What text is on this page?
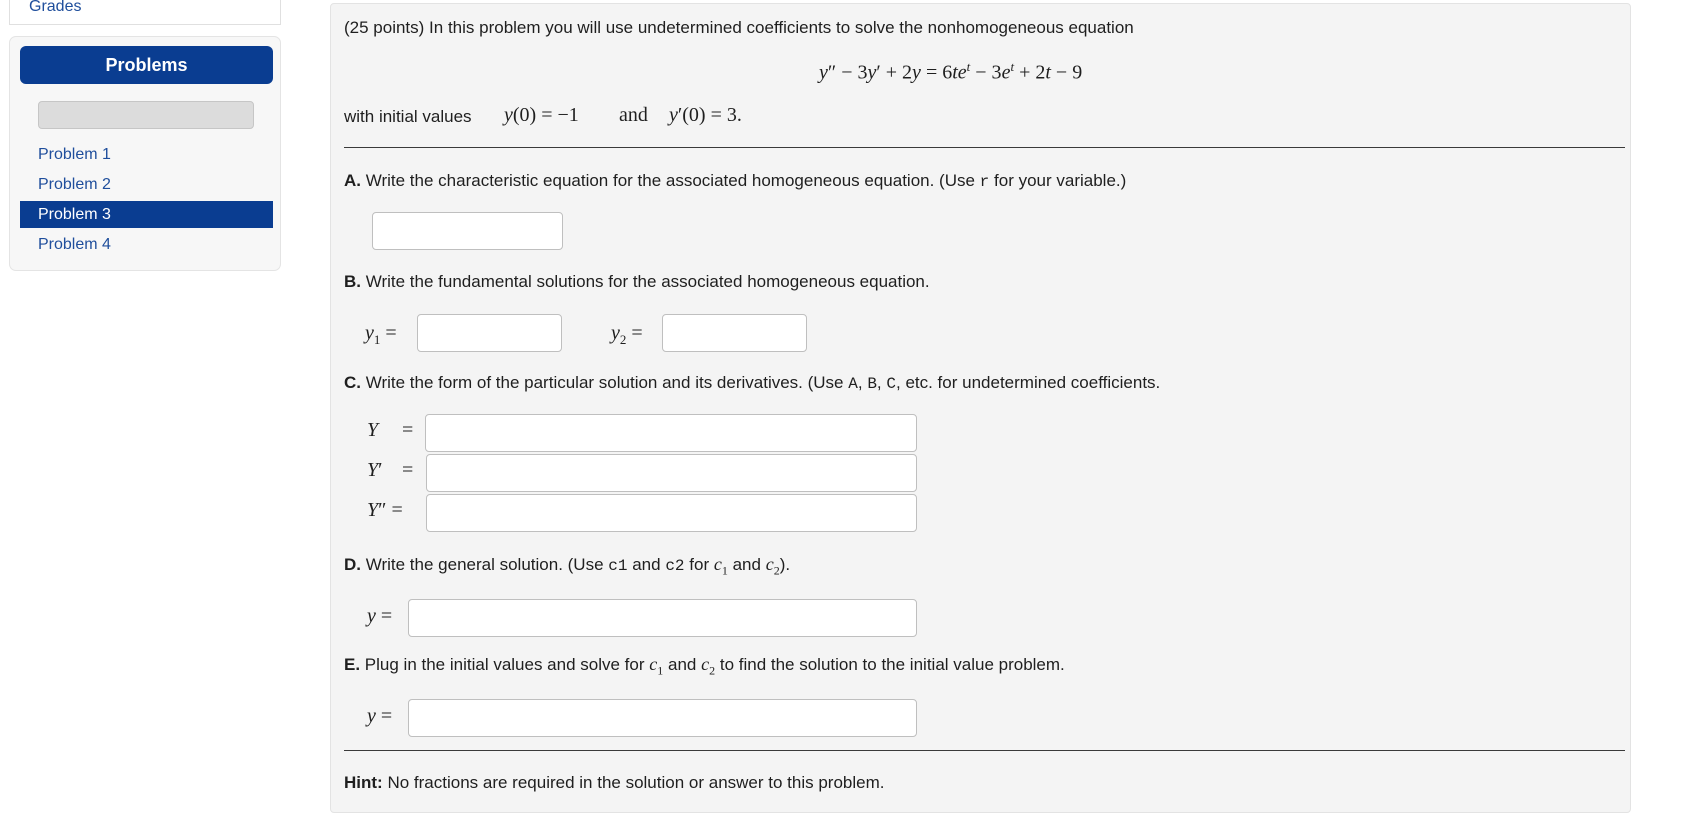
Grades
Problems
Problem 1
Problem 2
Problem 3
Problem 4
(25 points) In this problem you will use undetermined coefficients to solve the nonhomogeneous equation
$y'' - 3y' + 2y = 6te^t - 3e^t + 2t - 9$
with initial values y(0) = −1 and y′(0) = 3.
A. Write the characteristic equation for the associated homogeneous equation. (Use r for your variable.)
B. Write the fundamental solutions for the associated homogeneous equation.
$y_1$ =	$y_2$ =
C. Write the form of the particular solution and its derivatives. (Use A, B, C, etc. for undetermined coefficients.
Y =
Y′ =
Y″ =
D. Write the general solution. (Use c1 and c2 for $c_1$ and $c_2$).
y =
E. Plug in the initial values and solve for $c_1$ and $c_2$ to find the solution to the initial value problem.
y =
Hint: No fractions are required in the solution or answer to this problem.
